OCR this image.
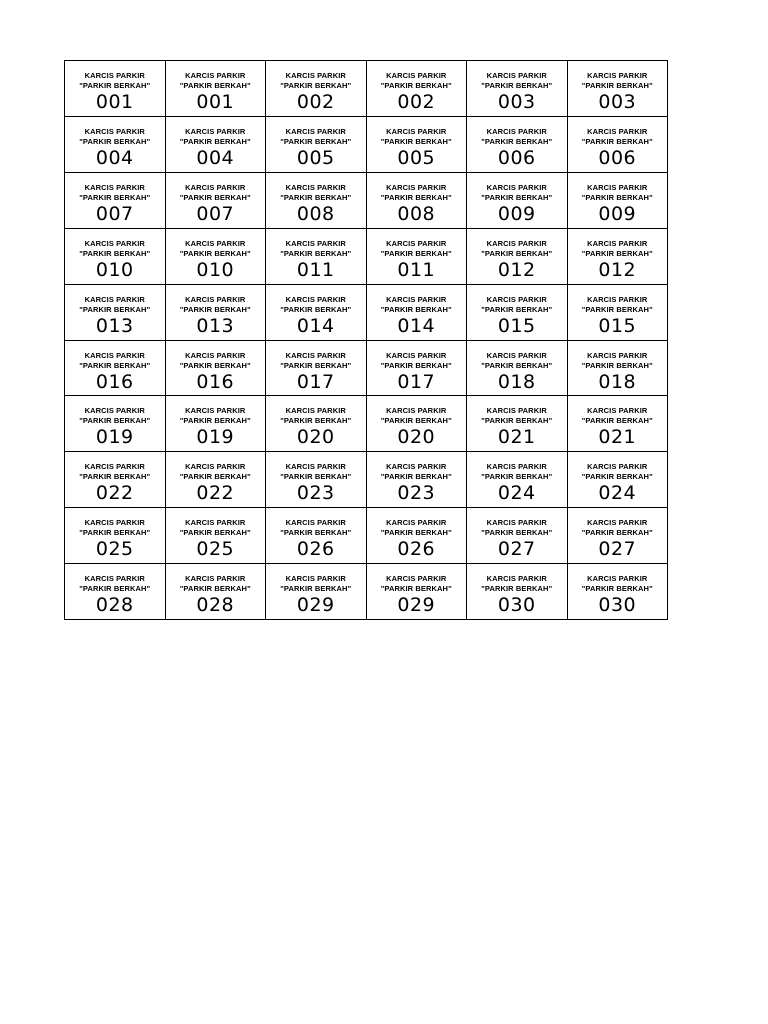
KARCIS PARKIR
"PARKIR BERKAH"
001
KARCIS PARKIR
"PARKIR BERKAH"
001
KARCIS PARKIR
"PARKIR BERKAH"
002
KARCIS PARKIR
"PARKIR BERKAH"
002
KARCIS PARKIR
"PARKIR BERKAH"
003
KARCIS PARKIR
"PARKIR BERKAH"
003
KARCIS PARKIR
"PARKIR BERKAH"
004
KARCIS PARKIR
"PARKIR BERKAH"
004
KARCIS PARKIR
"PARKIR BERKAH"
005
KARCIS PARKIR
"PARKIR BERKAH"
005
KARCIS PARKIR
"PARKIR BERKAH"
006
KARCIS PARKIR
"PARKIR BERKAH"
006
KARCIS PARKIR
"PARKIR BERKAH"
007
KARCIS PARKIR
"PARKIR BERKAH"
007
KARCIS PARKIR
"PARKIR BERKAH"
008
KARCIS PARKIR
"PARKIR BERKAH"
008
KARCIS PARKIR
"PARKIR BERKAH"
009
KARCIS PARKIR
"PARKIR BERKAH"
009
KARCIS PARKIR
"PARKIR BERKAH"
010
KARCIS PARKIR
"PARKIR BERKAH"
010
KARCIS PARKIR
"PARKIR BERKAH"
011
KARCIS PARKIR
"PARKIR BERKAH"
011
KARCIS PARKIR
"PARKIR BERKAH"
012
KARCIS PARKIR
"PARKIR BERKAH"
012
KARCIS PARKIR
"PARKIR BERKAH"
013
KARCIS PARKIR
"PARKIR BERKAH"
013
KARCIS PARKIR
"PARKIR BERKAH"
014
KARCIS PARKIR
"PARKIR BERKAH"
014
KARCIS PARKIR
"PARKIR BERKAH"
015
KARCIS PARKIR
"PARKIR BERKAH"
015
KARCIS PARKIR
"PARKIR BERKAH"
016
KARCIS PARKIR
"PARKIR BERKAH"
016
KARCIS PARKIR
"PARKIR BERKAH"
017
KARCIS PARKIR
"PARKIR BERKAH"
017
KARCIS PARKIR
"PARKIR BERKAH"
018
KARCIS PARKIR
"PARKIR BERKAH"
018
KARCIS PARKIR
"PARKIR BERKAH"
019
KARCIS PARKIR
"PARKIR BERKAH"
019
KARCIS PARKIR
"PARKIR BERKAH"
020
KARCIS PARKIR
"PARKIR BERKAH"
020
KARCIS PARKIR
"PARKIR BERKAH"
021
KARCIS PARKIR
"PARKIR BERKAH"
021
KARCIS PARKIR
"PARKIR BERKAH"
022
KARCIS PARKIR
"PARKIR BERKAH"
022
KARCIS PARKIR
"PARKIR BERKAH"
023
KARCIS PARKIR
"PARKIR BERKAH"
023
KARCIS PARKIR
"PARKIR BERKAH"
024
KARCIS PARKIR
"PARKIR BERKAH"
024
KARCIS PARKIR
"PARKIR BERKAH"
025
KARCIS PARKIR
"PARKIR BERKAH"
025
KARCIS PARKIR
"PARKIR BERKAH"
026
KARCIS PARKIR
"PARKIR BERKAH"
026
KARCIS PARKIR
"PARKIR BERKAH"
027
KARCIS PARKIR
"PARKIR BERKAH"
027
KARCIS PARKIR
"PARKIR BERKAH"
028
KARCIS PARKIR
"PARKIR BERKAH"
028
KARCIS PARKIR
"PARKIR BERKAH"
029
KARCIS PARKIR
"PARKIR BERKAH"
029
KARCIS PARKIR
"PARKIR BERKAH"
030
KARCIS PARKIR
"PARKIR BERKAH"
030
